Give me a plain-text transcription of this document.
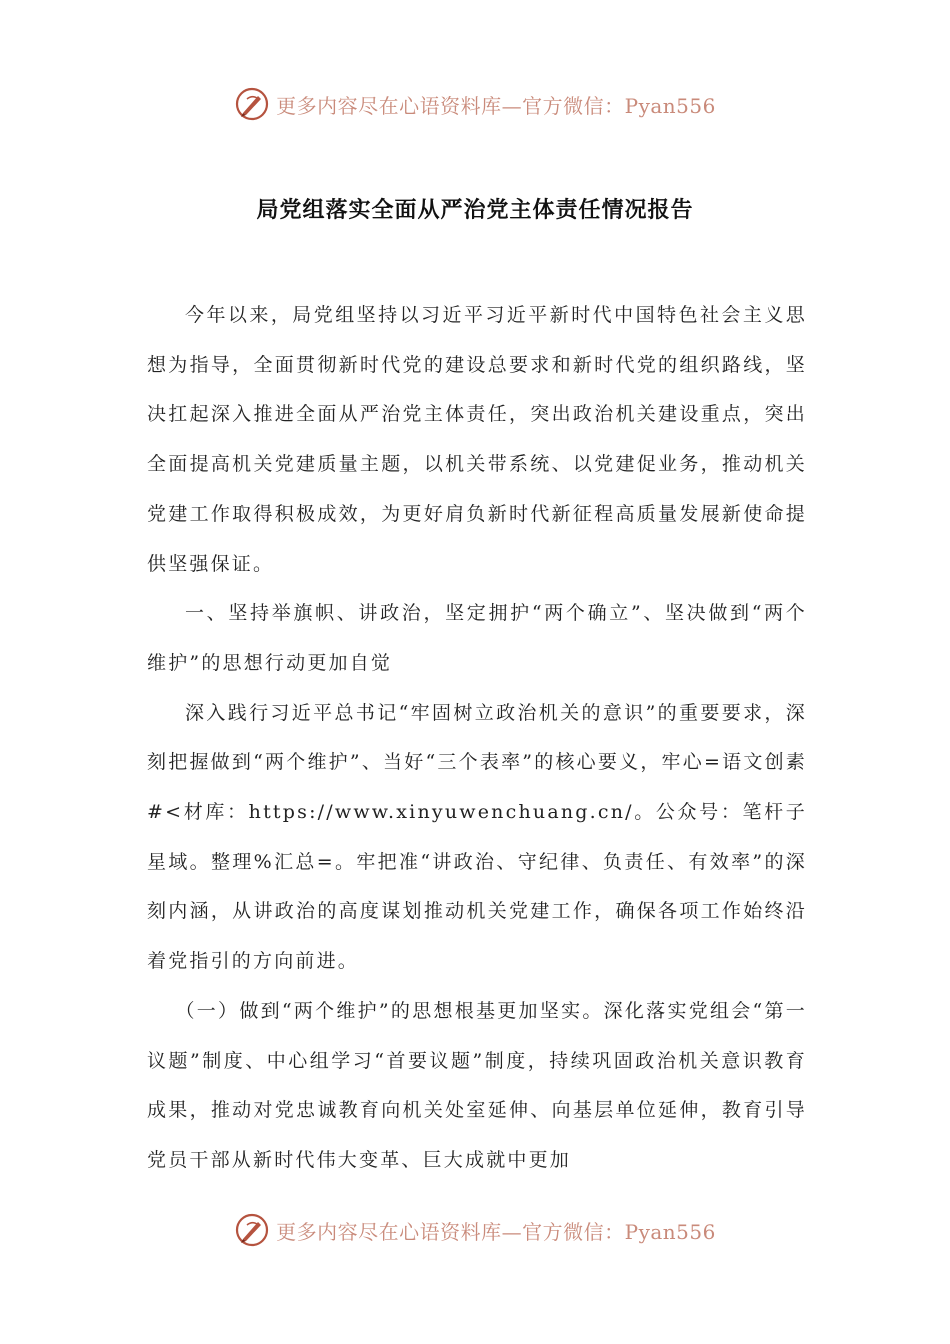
更多内容尽在心语资料库—官方微信：Pyan556
局党组落实全面从严治党主体责任情况报告

今年以来，局党组坚持以习近平习近平新时代中国特色社会主义思想为指导，全面贯彻新时代党的建设总要求和新时代党的组织路线，坚决扛起深入推进全面从严治党主体责任，突出政治机关建设重点，突出全面提高机关党建质量主题，以机关带系统、以党建促业务，推动机关党建工作取得积极成效，为更好肩负新时代新征程高质量发展新使命提供坚强保证。

一、坚持举旗帜、讲政治，坚定拥护“两个确立”、坚决做到“两个维护”的思想行动更加自觉

深入践行习近平总书记“牢固树立政治机关的意识”的重要要求，深刻把握做到“两个维护”、当好“三个表率”的核心要义，牢心=语文创素#<材库：https://www.xinyuwenchuang.cn/。公众号：笔杆子星域。整理%汇总=。牢把准“讲政治、守纪律、负责任、有效率”的深刻内涵，从讲政治的高度谋划推动机关党建工作，确保各项工作始终沿着党指引的方向前进。

（一）做到“两个维护”的思想根基更加坚实。深化落实党组会“第一议题”制度、中心组学习“首要议题”制度，持续巩固政治机关意识教育成果，推动对党忠诚教育向机关处室延伸、向基层单位延伸，教育引导党员干部从新时代伟大变革、巨大成就中更加

更多内容尽在心语资料库—官方微信：Pyan556
